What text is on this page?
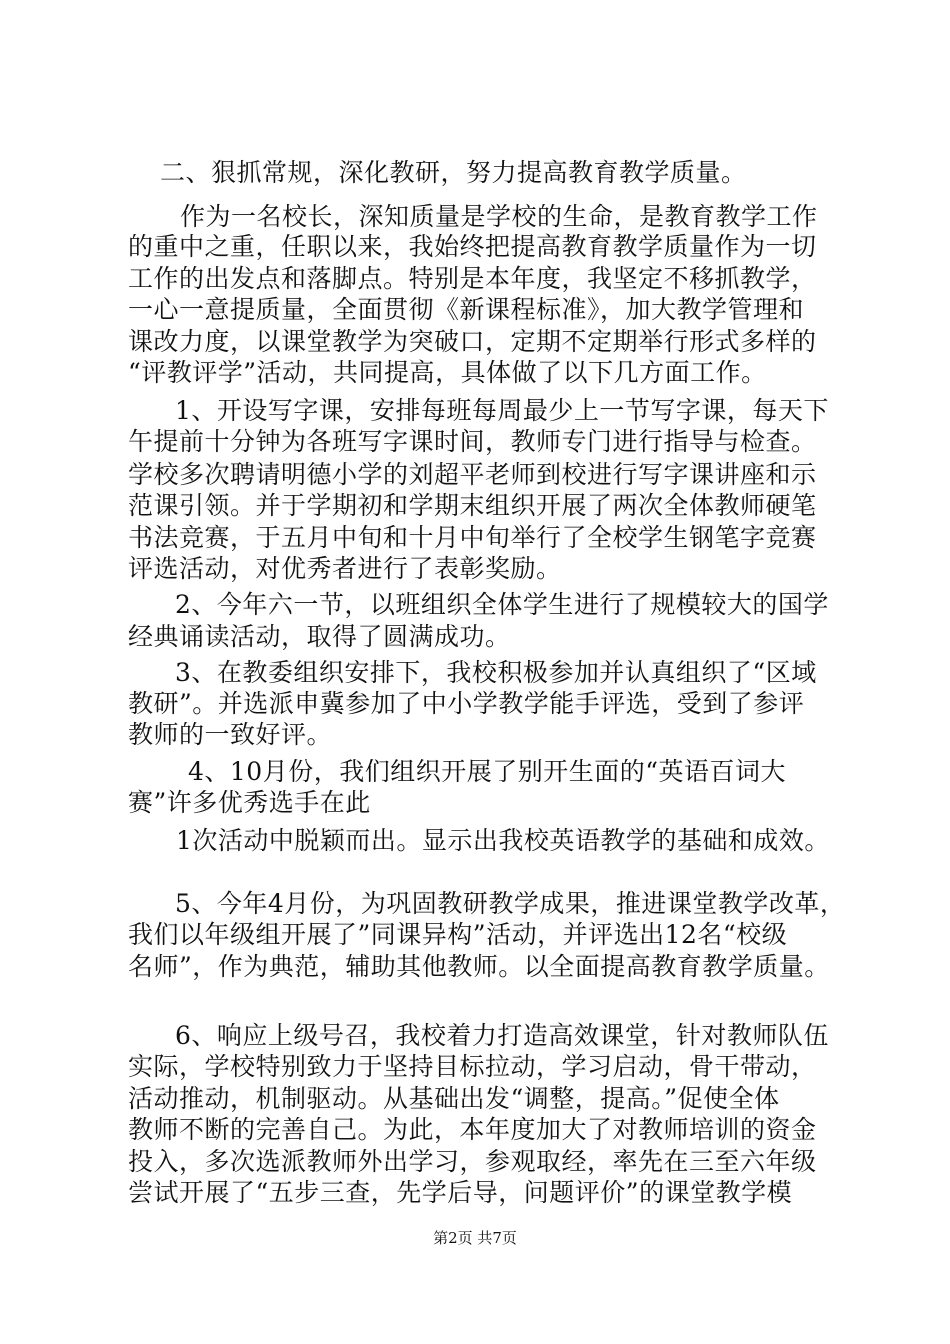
二、狠抓常规，深化教研，努力提高教育教学质量。
作为一名校长，深知质量是学校的生命，是教育教学工作
的重中之重，任职以来，我始终把提高教育教学质量作为一切
工作的出发点和落脚点。特别是本年度，我坚定不移抓教学，
一心一意提质量，全面贯彻《新课程标准》，加大教学管理和
课改力度，以课堂教学为突破口，定期不定期举行形式多样的
“评教评学”活动，共同提高，具体做了以下几方面工作。
1、开设写字课，安排每班每周最少上一节写字课，每天下
午提前十分钟为各班写字课时间，教师专门进行指导与检查。
学校多次聘请明德小学的刘超平老师到校进行写字课讲座和示
范课引领。并于学期初和学期末组织开展了两次全体教师硬笔
书法竞赛，于五月中旬和十月中旬举行了全校学生钢笔字竞赛
评选活动，对优秀者进行了表彰奖励。
2、今年六一节，以班组织全体学生进行了规模较大的国学
经典诵读活动，取得了圆满成功。
3、在教委组织安排下，我校积极参加并认真组织了“区域
教研”。并选派申冀参加了中小学教学能手评选，受到了参评
教师的一致好评。
4、10月份，我们组织开展了别开生面的“英语百词大
赛”许多优秀选手在此
1次活动中脱颖而出。显示出我校英语教学的基础和成效。
5、今年4月份，为巩固教研教学成果，推进课堂教学改革，
我们以年级组开展了”同课异构”活动，并评选出12名“校级
名师”，作为典范，辅助其他教师。以全面提高教育教学质量。
6、响应上级号召，我校着力打造高效课堂，针对教师队伍
实际，学校特别致力于坚持目标拉动，学习启动，骨干带动，
活动推动，机制驱动。从基础出发“调整，提高。”促使全体
教师不断的完善自己。为此，本年度加大了对教师培训的资金
投入，多次选派教师外出学习，参观取经，率先在三至六年级
尝试开展了“五步三查，先学后导，问题评价”的课堂教学模
第2页 共7页
